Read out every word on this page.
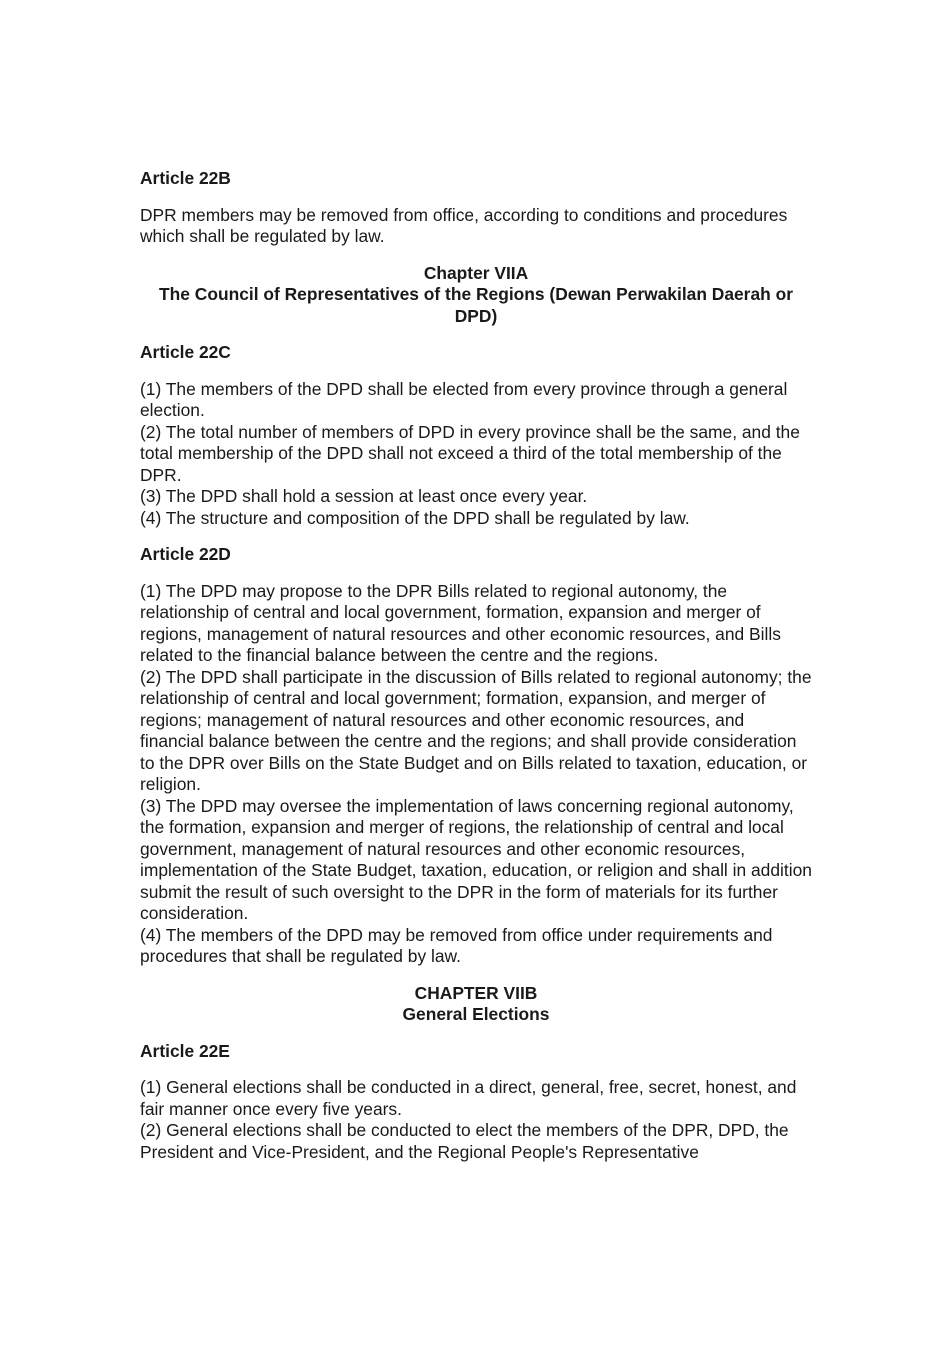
Article 22B

DPR members may be removed from office, according to conditions and procedures which shall be regulated by law.

Chapter VIIA

The Council of Representatives of the Regions (Dewan Perwakilan Daerah or DPD)

Article 22C

(1) The members of the DPD shall be elected from every province through a general election.

(2) The total number of members of DPD in every province shall be the same, and the total membership of the DPD shall not exceed a third of the total membership of the DPR.

(3) The DPD shall hold a session at least once every year.

(4) The structure and composition of the DPD shall be regulated by law.

Article 22D

(1) The DPD may propose to the DPR Bills related to regional autonomy, the relationship of central and local government, formation, expansion and merger of regions, management of natural resources and other economic resources, and Bills related to the financial balance between the centre and the regions.

(2) The DPD shall participate in the discussion of Bills related to regional autonomy; the relationship of central and local government; formation, expansion, and merger of regions; management of natural resources and other economic resources, and financial balance between the centre and the regions; and shall provide consideration to the DPR over Bills on the State Budget and on Bills related to taxation, education, or religion.

(3) The DPD may oversee the implementation of laws concerning regional autonomy, the formation, expansion and merger of regions, the relationship of central and local government, management of natural resources and other economic resources, implementation of the State Budget, taxation, education, or religion and shall in addition submit the result of such oversight to the DPR in the form of materials for its further consideration.

(4) The members of the DPD may be removed from office under requirements and procedures that shall be regulated by law.

CHAPTER VIIB

General Elections

Article 22E

(1) General elections shall be conducted in a direct, general, free, secret, honest, and fair manner once every five years.

(2) General elections shall be conducted to elect the members of the DPR, DPD, the President and Vice-President, and the Regional People's Representative
